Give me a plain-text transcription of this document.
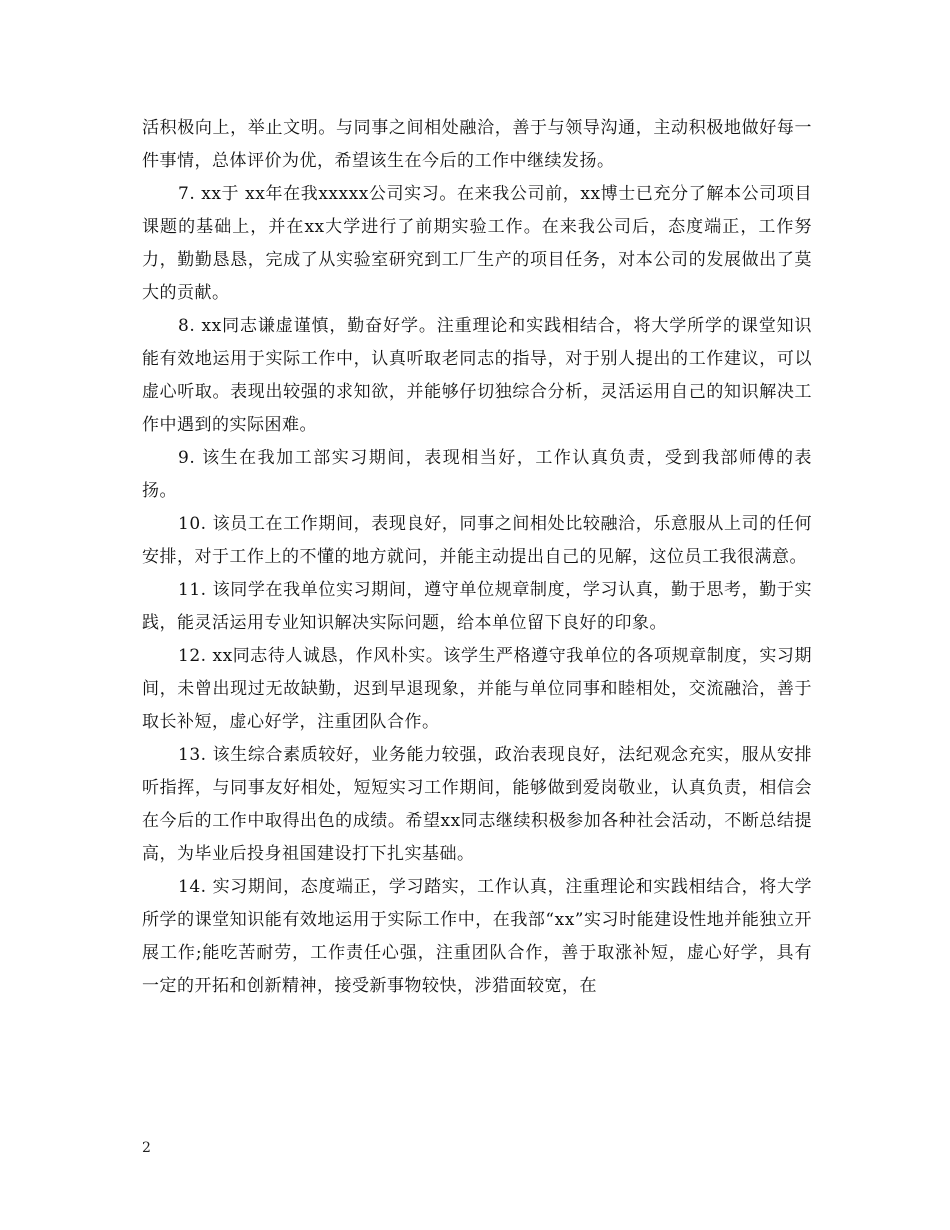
活积极向上，举止文明。与同事之间相处融洽，善于与领导沟通，主动积极地做好每一件事情，总体评价为优，希望该生在今后的工作中继续发扬。

7. xx于 xx年在我xxxxx公司实习。在来我公司前，xx博士已充分了解本公司项目课题的基础上，并在xx大学进行了前期实验工作。在来我公司后，态度端正，工作努力，勤勤恳恳，完成了从实验室研究到工厂生产的项目任务，对本公司的发展做出了莫大的贡献。

8. xx同志谦虚谨慎，勤奋好学。注重理论和实践相结合，将大学所学的课堂知识能有效地运用于实际工作中，认真听取老同志的指导，对于别人提出的工作建议，可以虚心听取。表现出较强的求知欲，并能够仔切独综合分析，灵活运用自己的知识解决工作中遇到的实际困难。

9. 该生在我加工部实习期间，表现相当好，工作认真负责，受到我部师傅的表扬。

10. 该员工在工作期间，表现良好，同事之间相处比较融洽，乐意服从上司的任何安排，对于工作上的不懂的地方就问，并能主动提出自己的见解，这位员工我很满意。

11. 该同学在我单位实习期间，遵守单位规章制度，学习认真，勤于思考，勤于实践，能灵活运用专业知识解决实际问题，给本单位留下良好的印象。

12. xx同志待人诚恳，作风朴实。该学生严格遵守我单位的各项规章制度，实习期间，未曾出现过无故缺勤，迟到早退现象，并能与单位同事和睦相处，交流融洽，善于取长补短，虚心好学，注重团队合作。

13. 该生综合素质较好，业务能力较强，政治表现良好，法纪观念充实，服从安排听指挥，与同事友好相处，短短实习工作期间，能够做到爱岗敬业，认真负责，相信会在今后的工作中取得出色的成绩。希望xx同志继续积极参加各种社会活动，不断总结提高，为毕业后投身祖国建设打下扎实基础。

14. 实习期间，态度端正，学习踏实，工作认真，注重理论和实践相结合，将大学所学的课堂知识能有效地运用于实际工作中，在我部“xx”实习时能建设性地并能独立开展工作;能吃苦耐劳，工作责任心强，注重团队合作，善于取涨补短，虚心好学，具有一定的开拓和创新精神，接受新事物较快，涉猎面较宽，在

2
